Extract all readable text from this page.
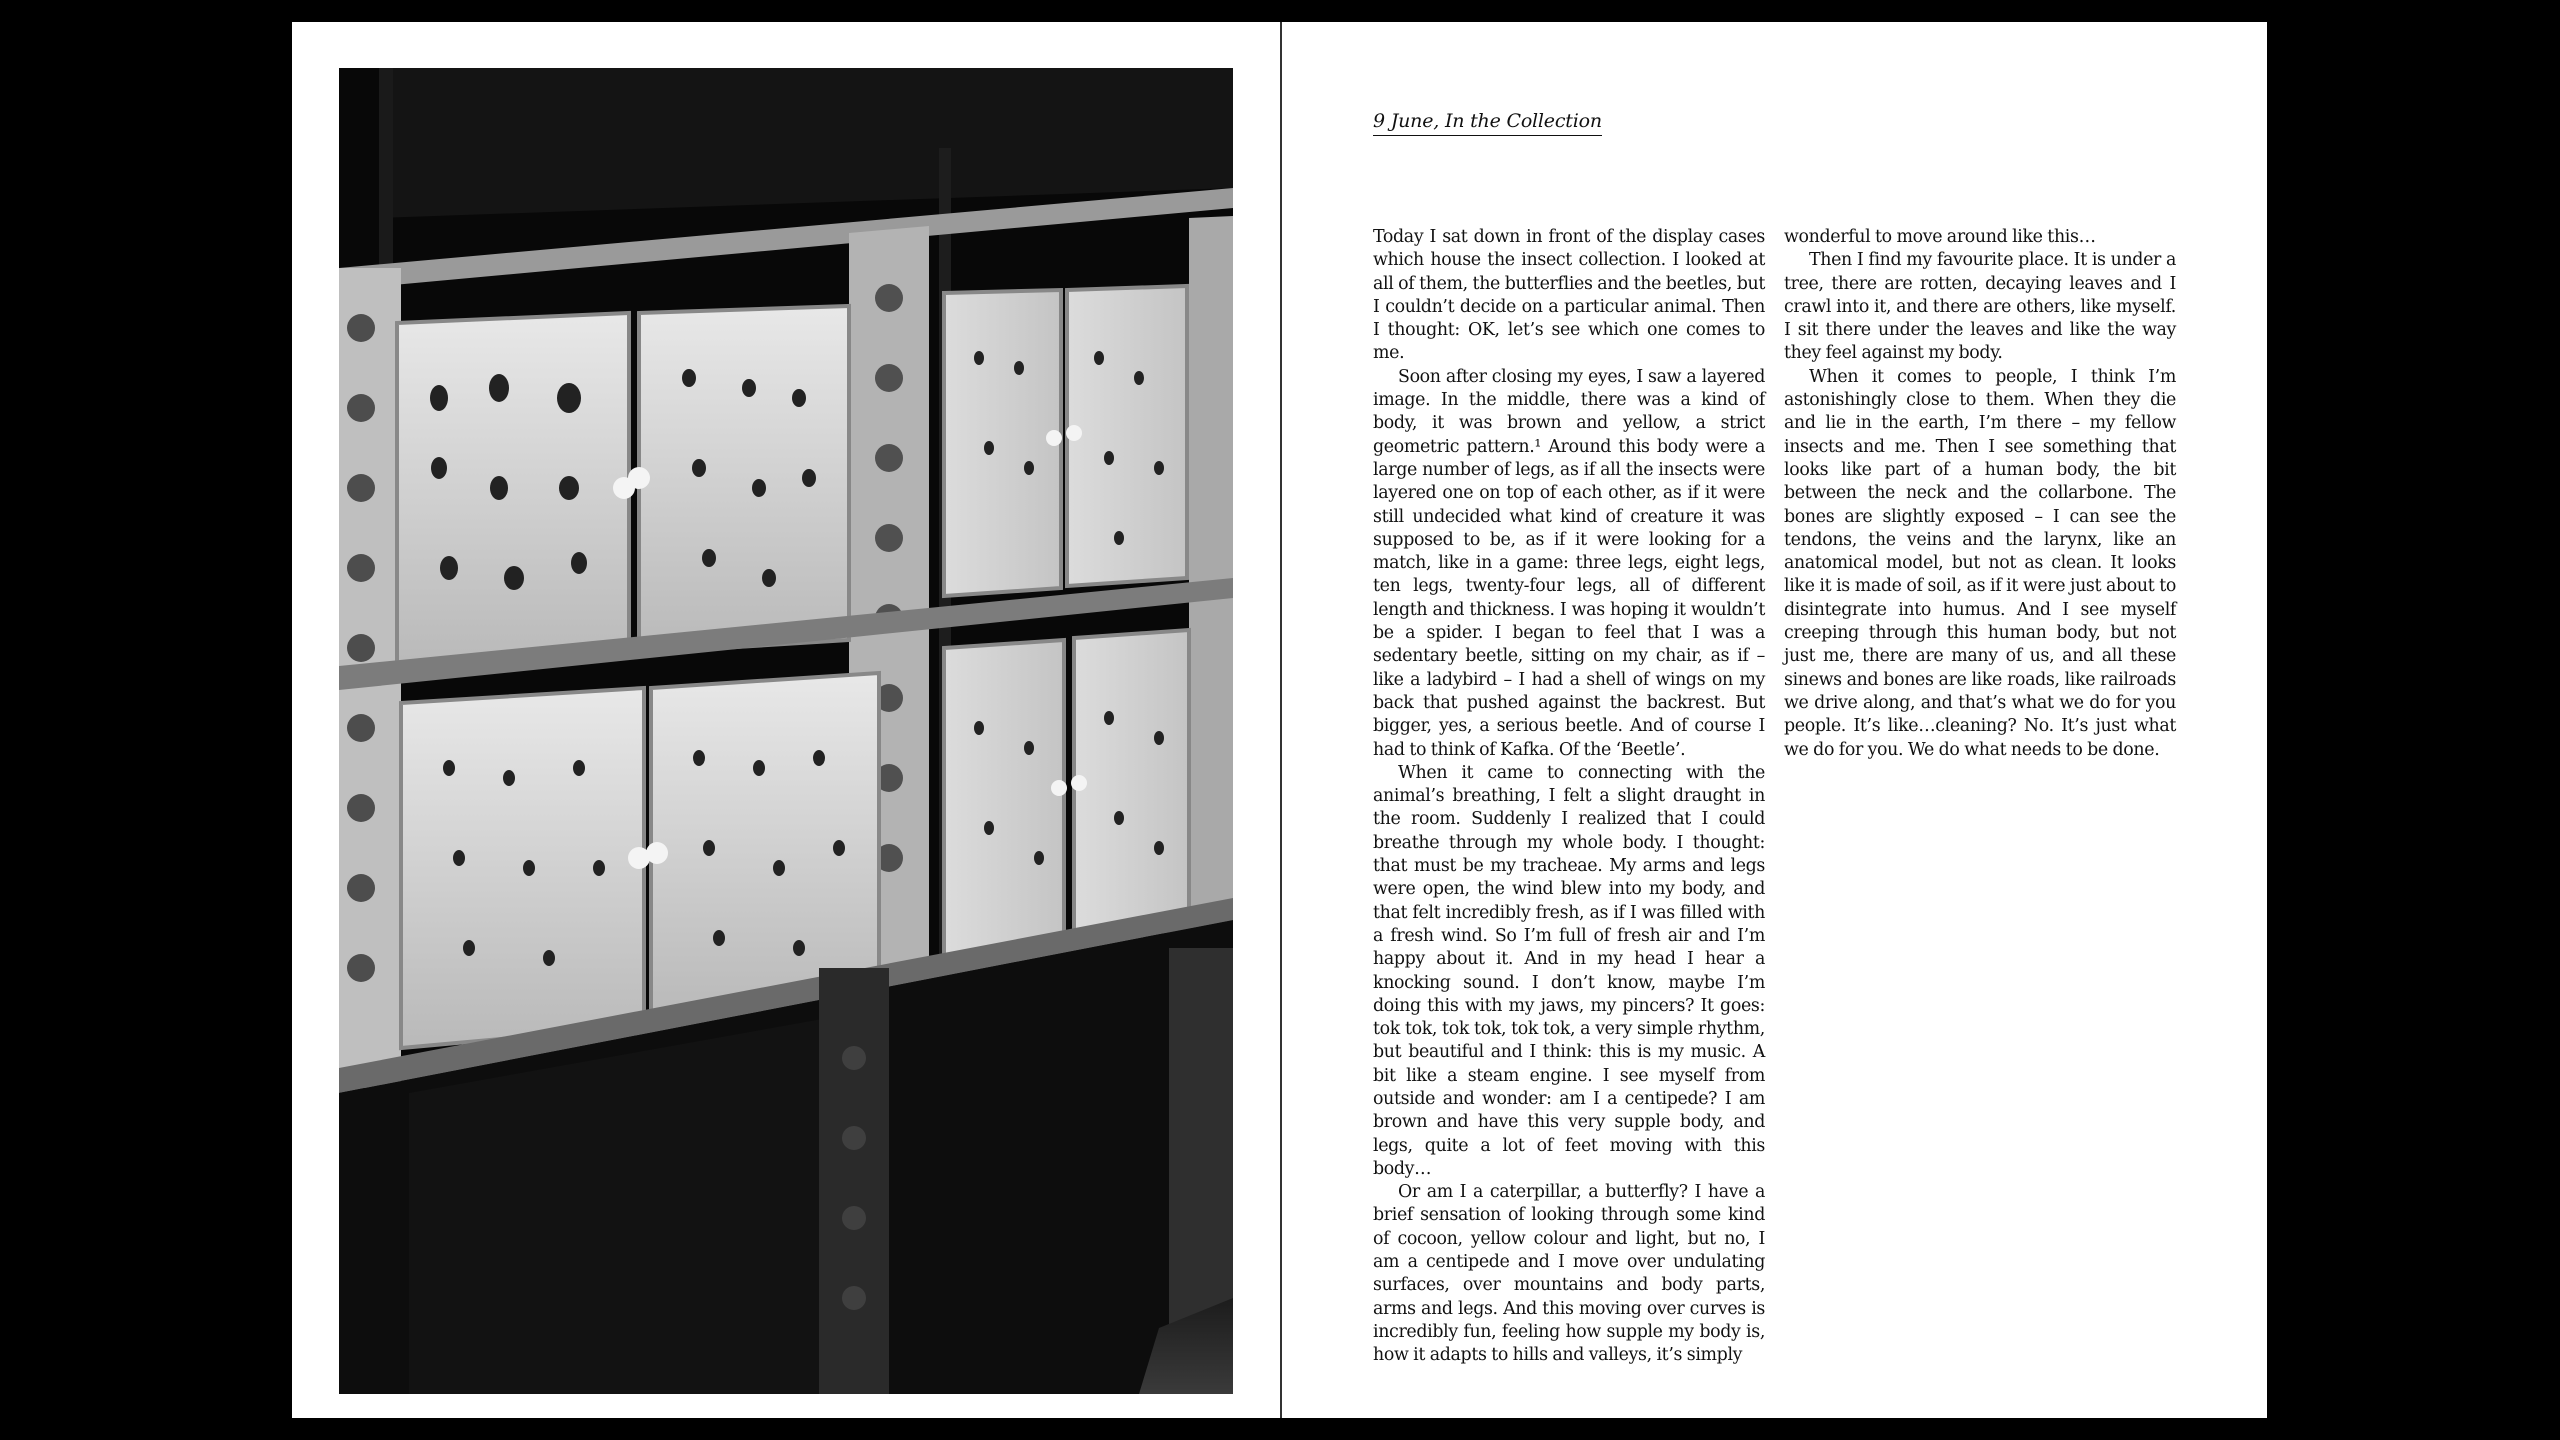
9 June, In the Collection

Today I sat down in front of the display cases which house the insect collection. I looked at all of them, the butterflies and the beetles, but I couldn’t decide on a particular animal. Then I thought: OK, let’s see which one comes to me.

Soon after closing my eyes, I saw a layered image. In the middle, there was a kind of body, it was brown and yellow, a strict geometric pattern.¹ Around this body were a large number of legs, as if all the insects were layered one on top of each other, as if it were still undecided what kind of creature it was supposed to be, as if it were looking for a match, like in a game: three legs, eight legs, ten legs, twenty-four legs, all of different length and thickness. I was hoping it wouldn’t be a spider. I began to feel that I was a sedentary beetle, sitting on my chair, as if – like a ladybird – I had a shell of wings on my back that pushed against the backrest. But bigger, yes, a serious beetle. And of course I had to think of Kafka. Of the ‘Beetle’.

When it came to connecting with the animal’s breathing, I felt a slight draught in the room. Suddenly I realized that I could breathe through my whole body. I thought: that must be my tracheae. My arms and legs were open, the wind blew into my body, and that felt incredibly fresh, as if I was filled with a fresh wind. So I’m full of fresh air and I’m happy about it. And in my head I hear a knocking sound. I don’t know, maybe I’m doing this with my jaws, my pincers? It goes: tok tok, tok tok, tok tok, a very simple rhythm, but beautiful and I think: this is my music. A bit like a steam engine. I see myself from outside and wonder: am I a centipede? I am brown and have this very supple body, and legs, quite a lot of feet moving with this body…

Or am I a caterpillar, a butterfly? I have a brief sensation of looking through some kind of cocoon, yellow colour and light, but no, I am a centipede and I move over undulating surfaces, over mountains and body parts, arms and legs. And this moving over curves is incredibly fun, feeling how supple my body is, how it adapts to hills and valleys, it’s simply

wonderful to move around like this…

Then I find my favourite place. It is under a tree, there are rotten, decaying leaves and I crawl into it, and there are others, like myself. I sit there under the leaves and like the way they feel against my body.

When it comes to people, I think I’m astonishingly close to them. When they die and lie in the earth, I’m there – my fellow insects and me. Then I see something that looks like part of a human body, the bit between the neck and the collarbone. The bones are slightly exposed – I can see the tendons, the veins and the larynx, like an anatomical model, but not as clean. It looks like it is made of soil, as if it were just about to disintegrate into humus. And I see myself creeping through this human body, but not just me, there are many of us, and all these sinews and bones are like roads, like railroads we drive along, and that’s what we do for you people. It’s like…cleaning? No. It’s just what we do for you. We do what needs to be done.
